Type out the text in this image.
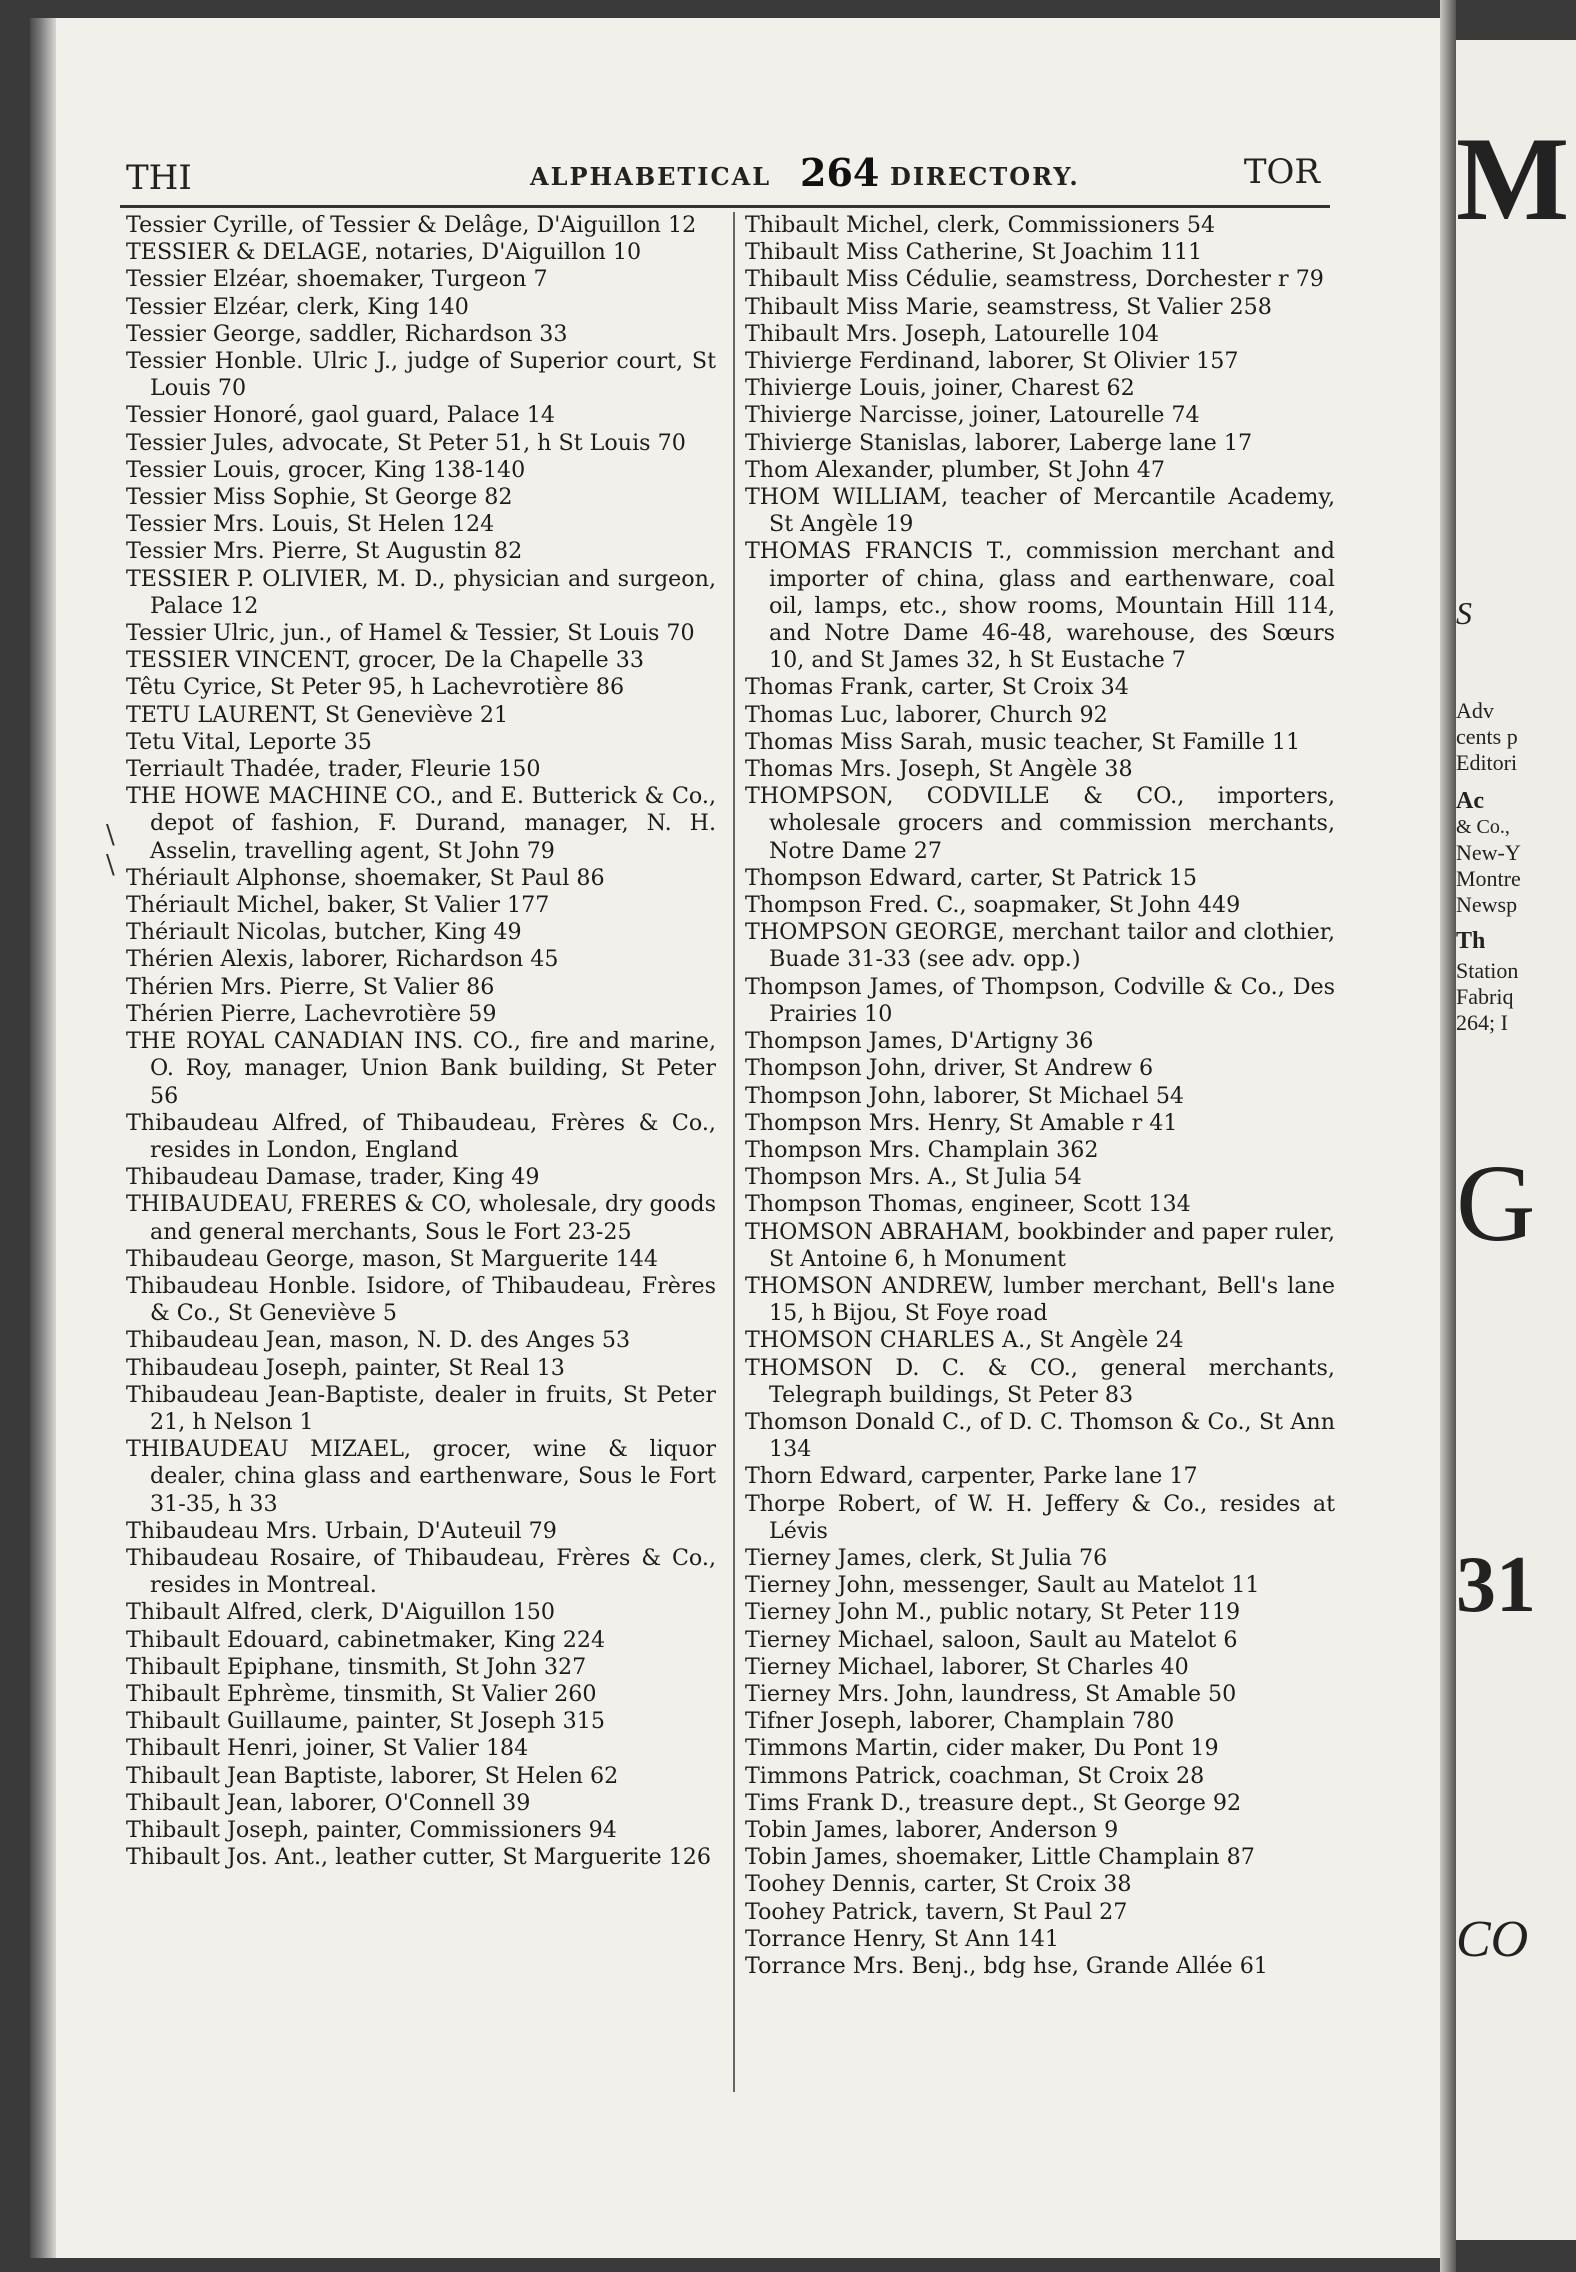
M
S
Adv
cents p
Editori
Ac
& Co.,
New-Y
Montre
Newsp
Th
Station
Fabriq
264; I
G
31
CO
THI	ALPHABETICAL 264 DIRECTORY.	TOR
\
\

Tessier Cyrille, of Tessier & Delâge, D'Aiguillon 12

TESSIER & DELAGE, notaries, D'Aiguillon 10

Tessier Elzéar, shoemaker, Turgeon 7

Tessier Elzéar, clerk, King 140

Tessier George, saddler, Richardson 33

Tessier Honble. Ulric J., judge of Superior court, St Louis 70

Tessier Honoré, gaol guard, Palace 14

Tessier Jules, advocate, St Peter 51, h St Louis 70

Tessier Louis, grocer, King 138-140

Tessier Miss Sophie, St George 82

Tessier Mrs. Louis, St Helen 124

Tessier Mrs. Pierre, St Augustin 82

TESSIER P. OLIVIER, M. D., physician and surgeon, Palace 12

Tessier Ulric, jun., of Hamel & Tessier, St Louis 70

TESSIER VINCENT, grocer, De la Chapelle 33

Têtu Cyrice, St Peter 95, h Lachevrotière 86

TETU LAURENT, St Geneviève 21

Tetu Vital, Leporte 35

Terriault Thadée, trader, Fleurie 150

THE HOWE MACHINE CO., and E. Butterick & Co., depot of fashion, F. Durand, manager, N. H. Asselin, travelling agent, St John 79

Thériault Alphonse, shoemaker, St Paul 86

Thériault Michel, baker, St Valier 177

Thériault Nicolas, butcher, King 49

Thérien Alexis, laborer, Richardson 45

Thérien Mrs. Pierre, St Valier 86

Thérien Pierre, Lachevrotière 59

THE ROYAL CANADIAN INS. CO., fire and marine, O. Roy, manager, Union Bank building, St Peter 56

Thibaudeau Alfred, of Thibaudeau, Frères & Co., resides in London, England

Thibaudeau Damase, trader, King 49

THIBAUDEAU, FRERES & CO, wholesale, dry goods and general merchants, Sous le Fort 23-25

Thibaudeau George, mason, St Marguerite 144

Thibaudeau Honble. Isidore, of Thibaudeau, Frères & Co., St Geneviève 5

Thibaudeau Jean, mason, N. D. des Anges 53

Thibaudeau Joseph, painter, St Real 13

Thibaudeau Jean-Baptiste, dealer in fruits, St Peter 21, h Nelson 1

THIBAUDEAU MIZAEL, grocer, wine & liquor dealer, china glass and earthenware, Sous le Fort 31-35, h 33

Thibaudeau Mrs. Urbain, D'Auteuil 79

Thibaudeau Rosaire, of Thibaudeau, Frères & Co., resides in Montreal.

Thibault Alfred, clerk, D'Aiguillon 150

Thibault Edouard, cabinetmaker, King 224

Thibault Epiphane, tinsmith, St John 327

Thibault Ephrème, tinsmith, St Valier 260

Thibault Guillaume, painter, St Joseph 315

Thibault Henri, joiner, St Valier 184

Thibault Jean Baptiste, laborer, St Helen 62

Thibault Jean, laborer, O'Connell 39

Thibault Joseph, painter, Commissioners 94

Thibault Jos. Ant., leather cutter, St Marguerite 126

Thibault Michel, clerk, Commissioners 54

Thibault Miss Catherine, St Joachim 111

Thibault Miss Cédulie, seamstress, Dorchester r 79

Thibault Miss Marie, seamstress, St Valier 258

Thibault Mrs. Joseph, Latourelle 104

Thivierge Ferdinand, laborer, St Olivier 157

Thivierge Louis, joiner, Charest 62

Thivierge Narcisse, joiner, Latourelle 74

Thivierge Stanislas, laborer, Laberge lane 17

Thom Alexander, plumber, St John 47

THOM WILLIAM, teacher of Mercantile Academy, St Angèle 19

THOMAS FRANCIS T., commission merchant and importer of china, glass and earthenware, coal oil, lamps, etc., show rooms, Mountain Hill 114, and Notre Dame 46-48, warehouse, des Sœurs 10, and St James 32, h St Eustache 7

Thomas Frank, carter, St Croix 34

Thomas Luc, laborer, Church 92

Thomas Miss Sarah, music teacher, St Famille 11

Thomas Mrs. Joseph, St Angèle 38

THOMPSON, CODVILLE & CO., importers, wholesale grocers and commission merchants, Notre Dame 27

Thompson Edward, carter, St Patrick 15

Thompson Fred. C., soapmaker, St John 449

THOMPSON GEORGE, merchant tailor and clothier, Buade 31-33 (see adv. opp.)

Thompson James, of Thompson, Codville & Co., Des Prairies 10

Thompson James, D'Artigny 36

Thompson John, driver, St Andrew 6

Thompson John, laborer, St Michael 54

Thompson Mrs. Henry, St Amable r 41

Thompson Mrs. Champlain 362

Thompson Mrs. A., St Julia 54

Thompson Thomas, engineer, Scott 134

THOMSON ABRAHAM, bookbinder and paper ruler, St Antoine 6, h Monument

THOMSON ANDREW, lumber merchant, Bell's lane 15, h Bijou, St Foye road

THOMSON CHARLES A., St Angèle 24

THOMSON D. C. & CO., general merchants, Telegraph buildings, St Peter 83

Thomson Donald C., of D. C. Thomson & Co., St Ann 134

Thorn Edward, carpenter, Parke lane 17

Thorpe Robert, of W. H. Jeffery & Co., resides at Lévis

Tierney James, clerk, St Julia 76

Tierney John, messenger, Sault au Matelot 11

Tierney John M., public notary, St Peter 119

Tierney Michael, saloon, Sault au Matelot 6

Tierney Michael, laborer, St Charles 40

Tierney Mrs. John, laundress, St Amable 50

Tifner Joseph, laborer, Champlain 780

Timmons Martin, cider maker, Du Pont 19

Timmons Patrick, coachman, St Croix 28

Tims Frank D., treasure dept., St George 92

Tobin James, laborer, Anderson 9

Tobin James, shoemaker, Little Champlain 87

Toohey Dennis, carter, St Croix 38

Toohey Patrick, tavern, St Paul 27

Torrance Henry, St Ann 141

Torrance Mrs. Benj., bdg hse, Grande Allée 61
